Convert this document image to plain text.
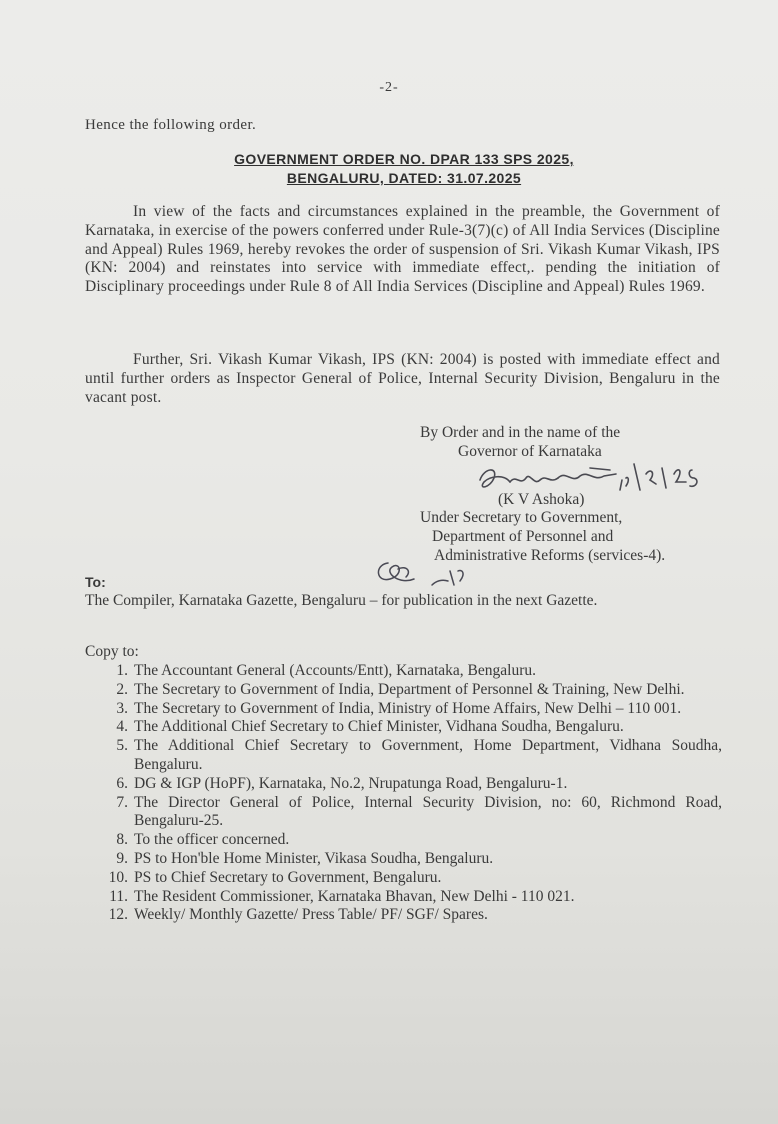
-2-
Hence the following order.
GOVERNMENT ORDER NO. DPAR 133 SPS 2025,
BENGALURU, DATED: 31.07.2025
In view of the facts and circumstances explained in the preamble, the Government of Karnataka, in exercise of the powers conferred under Rule-3(7)(c) of All India Services (Discipline and Appeal) Rules 1969, hereby revokes the order of suspension of Sri. Vikash Kumar Vikash, IPS (KN: 2004) and reinstates into service with immediate effect,. pending the initiation of Disciplinary proceedings under Rule 8 of All India Services (Discipline and Appeal) Rules 1969.
Further, Sri. Vikash Kumar Vikash, IPS (KN: 2004) is posted with immediate effect and until further orders as Inspector General of Police, Internal Security Division, Bengaluru in the vacant post.
By Order and in the name of the
Governor of Karnataka
(K V Ashoka)
Under Secretary to Government,
Department of Personnel and
Administrative Reforms (services-4).
To:
The Compiler, Karnataka Gazette, Bengaluru – for publication in the next Gazette.
Copy to:
1. The Accountant General (Accounts/Entt), Karnataka, Bengaluru.
2. The Secretary to Government of India, Department of Personnel & Training, New Delhi.
3. The Secretary to Government of India, Ministry of Home Affairs, New Delhi – 110 001.
4. The Additional Chief Secretary to Chief Minister, Vidhana Soudha, Bengaluru.
5. The Additional Chief Secretary to Government, Home Department, Vidhana Soudha, Bengaluru.
6. DG & IGP (HoPF), Karnataka, No.2, Nrupatunga Road, Bengaluru-1.
7. The Director General of Police, Internal Security Division, no: 60, Richmond Road, Bengaluru-25.
8. To the officer concerned.
9. PS to Hon'ble Home Minister, Vikasa Soudha, Bengaluru.
10. PS to Chief Secretary to Government, Bengaluru.
11. The Resident Commissioner, Karnataka Bhavan, New Delhi - 110 021.
12. Weekly/ Monthly Gazette/ Press Table/ PF/ SGF/ Spares.
